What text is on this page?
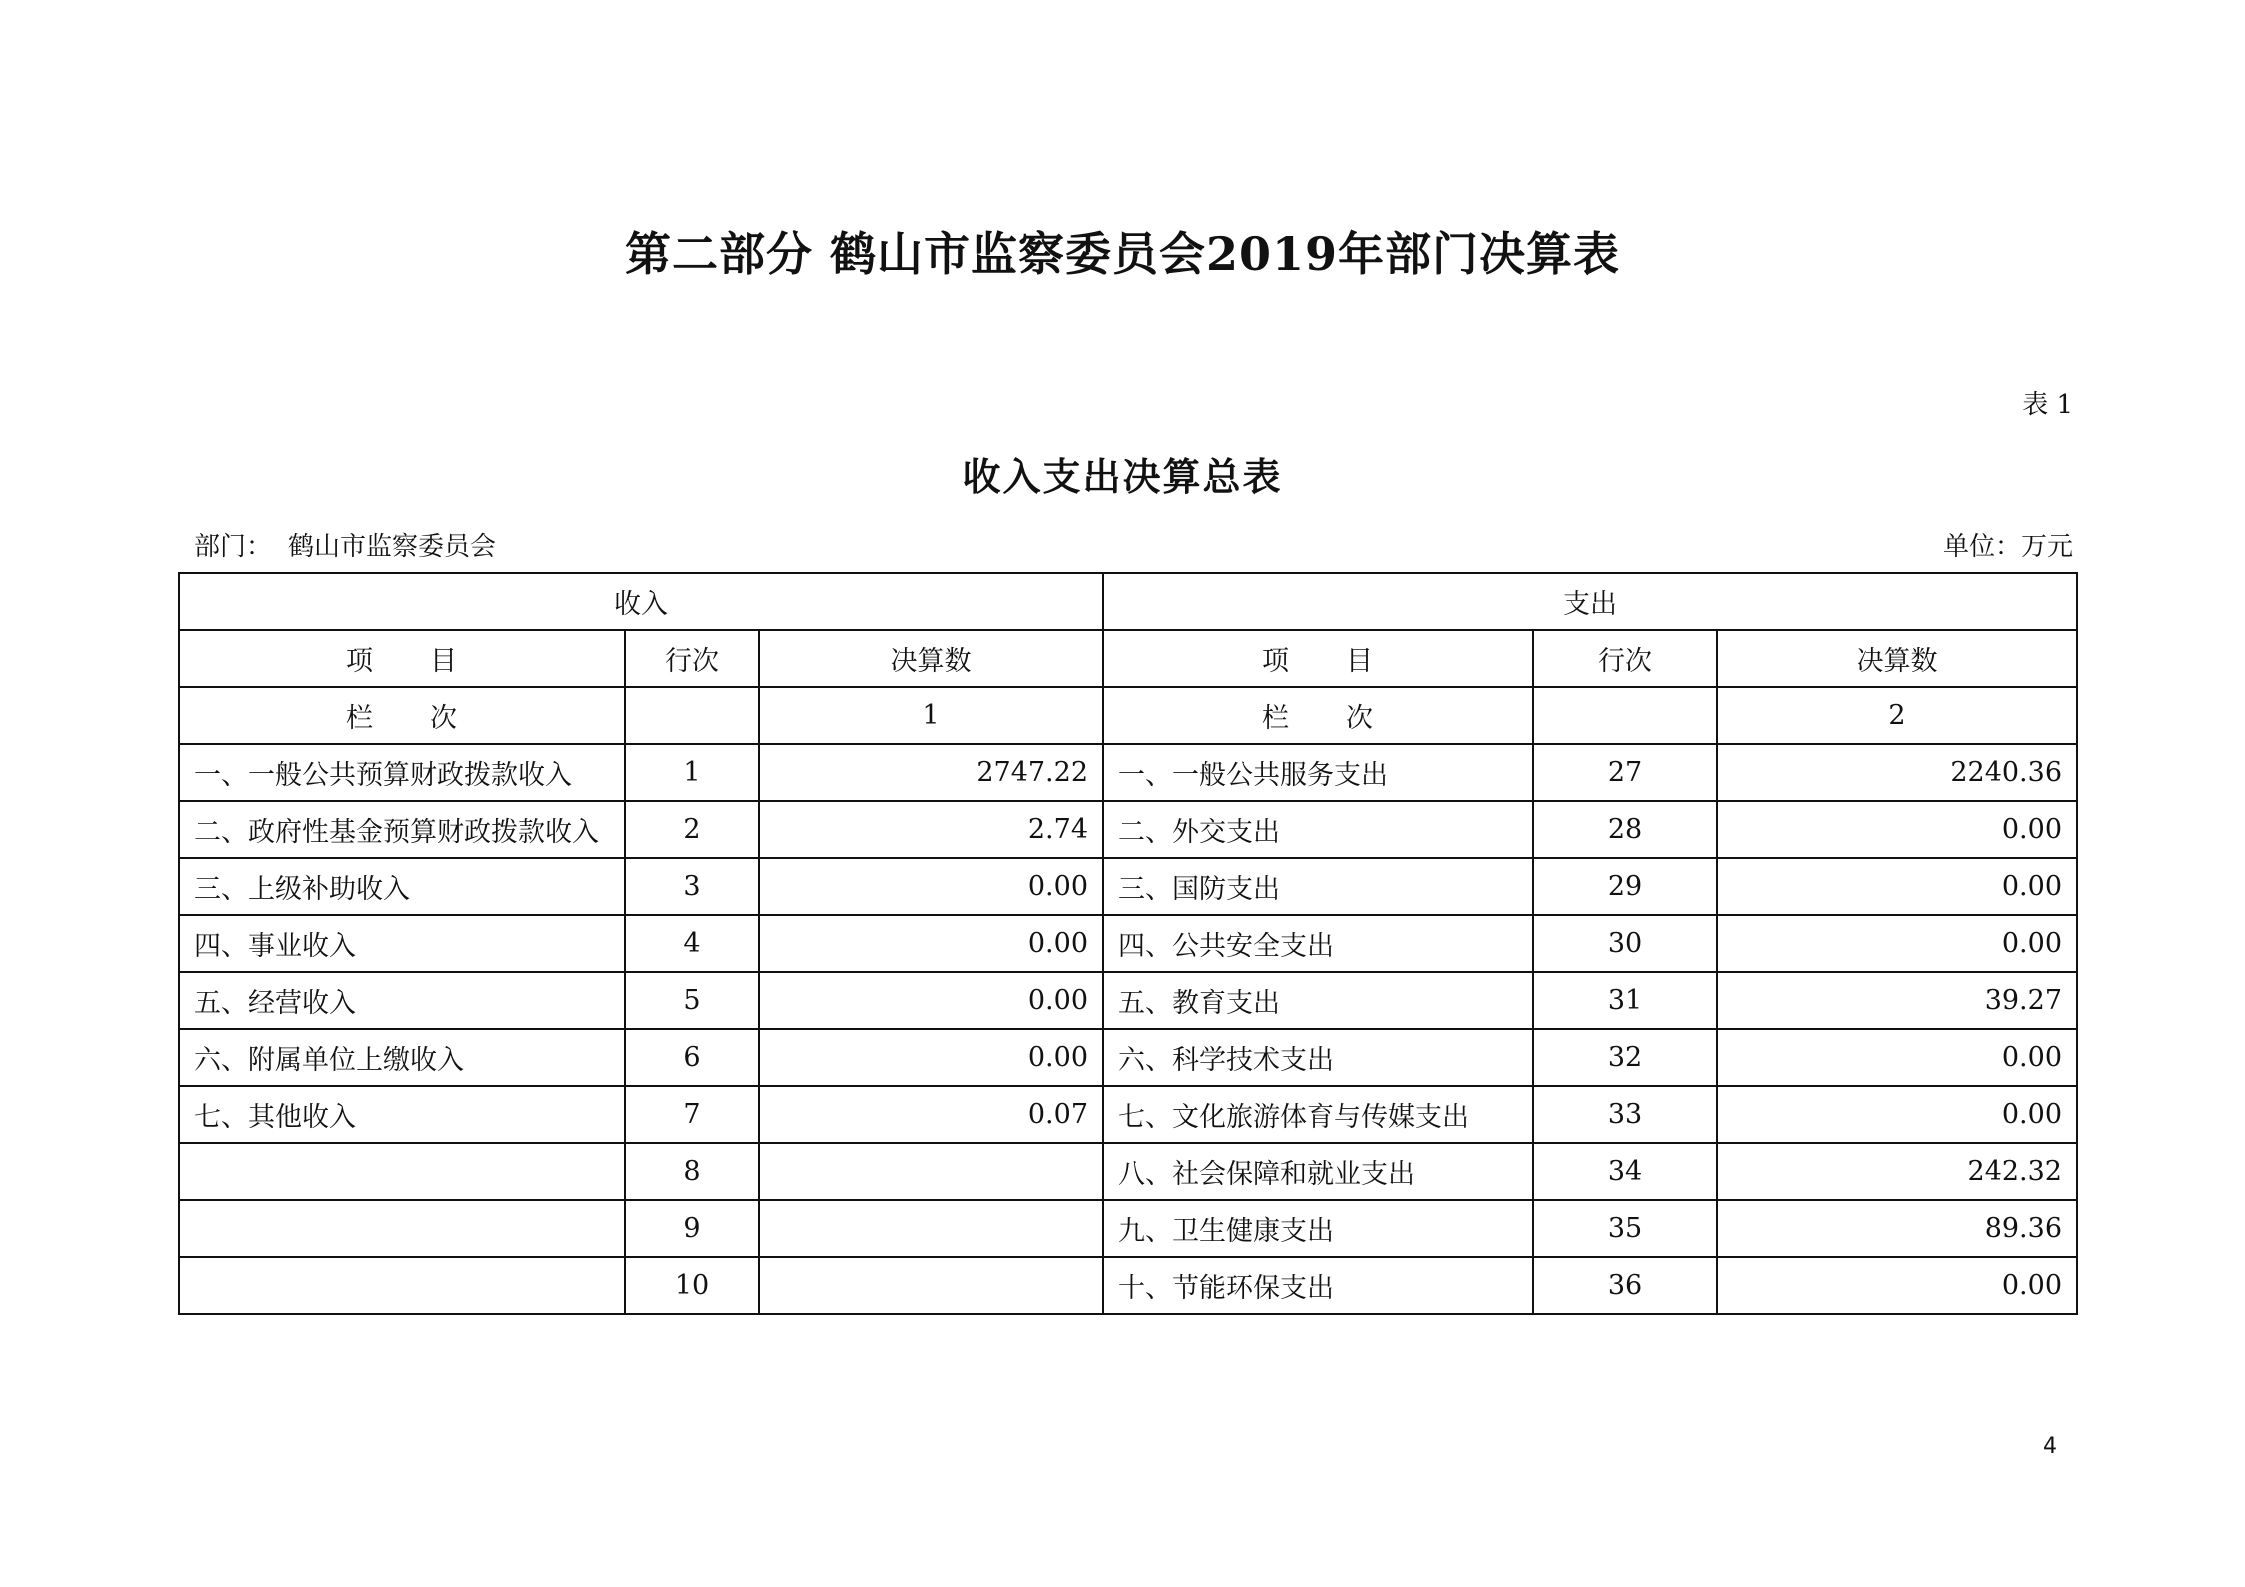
第二部分 鹤山市监察委员会2019年部门决算表
表 1
收入支出决算总表
部门： 鹤山市监察委员会	单位：万元
收入			支出		
项　　目	行次	决算数	项　　目	行次	决算数
栏　　次		1	栏　　次		2
一、一般公共预算财政拨款收入	1	2747.22	一、一般公共服务支出	27	2240.36
二、政府性基金预算财政拨款收入	2	2.74	二、外交支出	28	0.00
三、上级补助收入	3	0.00	三、国防支出	29	0.00
四、事业收入	4	0.00	四、公共安全支出	30	0.00
五、经营收入	5	0.00	五、教育支出	31	39.27
六、附属单位上缴收入	6	0.00	六、科学技术支出	32	0.00
七、其他收入	7	0.07	七、文化旅游体育与传媒支出	33	0.00
	8		八、社会保障和就业支出	34	242.32
	9		九、卫生健康支出	35	89.36
	10		十、节能环保支出	36	0.00
4
